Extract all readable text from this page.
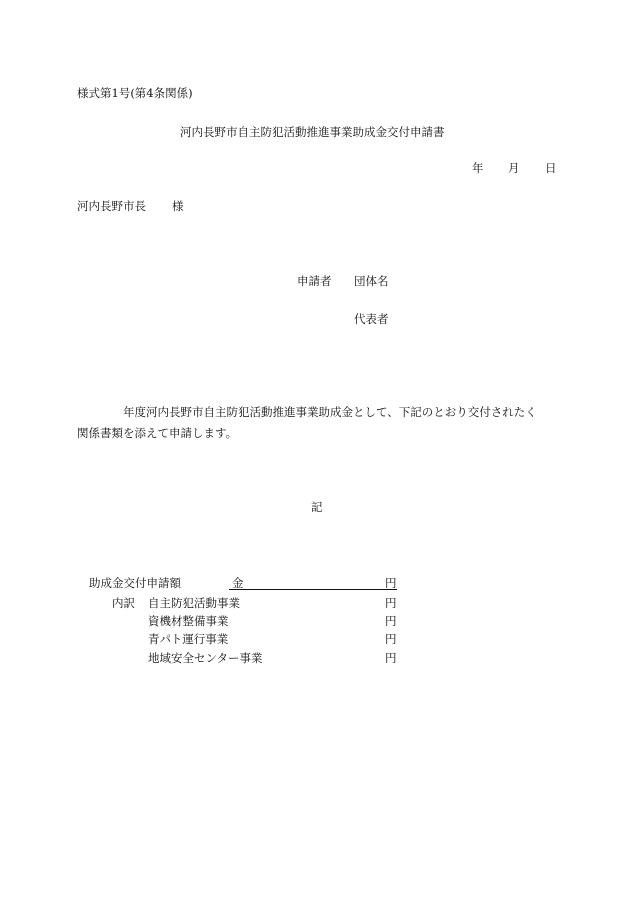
様式第1号(第4条関係)
河内長野市自主防犯活動推進事業助成金交付申請書
年 月 日
河内長野市長 様
申請者 団体名
代表者
年度河内長野市自主防犯活動推進事業助成金として、下記のとおり交付されたく
関係書類を添えて申請します。
記
助成金交付申請額	金	円
内訳 自主防犯活動事業	円
資機材整備事業	円
青パト運行事業	円
地域安全センター事業	円
